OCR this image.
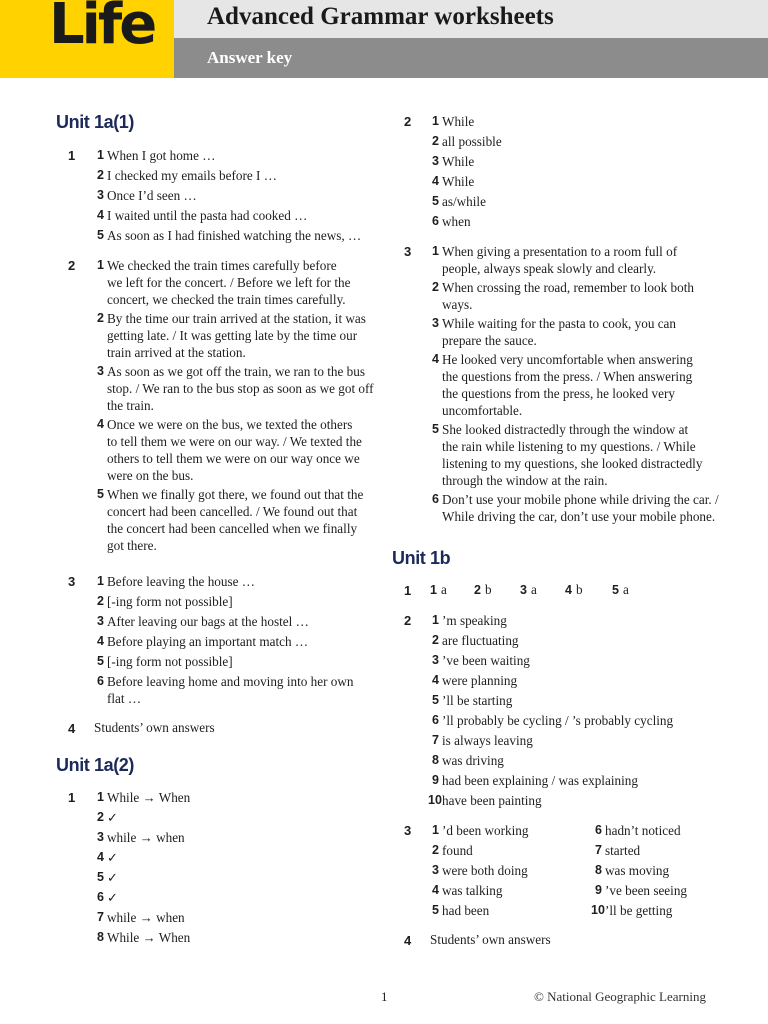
Life Advanced Grammar worksheets
Answer key
Unit 1a(1)
1	1 When I got home …
2 I checked my emails before I …
3 Once I’d seen …
4 I waited until the pasta had cooked …
5 As soon as I had finished watching the news, …
2	1 We checked the train times carefully before
we left for the concert. / Before we left for the
concert, we checked the train times carefully.
2 By the time our train arrived at the station, it was
getting late. / It was getting late by the time our
train arrived at the station.
3 As soon as we got off the train, we ran to the bus
stop. / We ran to the bus stop as soon as we got off
the train.
4 Once we were on the bus, we texted the others
to tell them we were on our way. / We texted the
others to tell them we were on our way once we
were on the bus.
5 When we finally got there, we found out that the
concert had been cancelled. / We found out that
the concert had been cancelled when we finally
got there.
3	1 Before leaving the house …
2 [-ing form not possible]
3 After leaving our bags at the hostel …
4 Before playing an important match …
5 [-ing form not possible]
6 Before leaving home and moving into her own
flat …
4 Students’ own answers
Unit 1a(2)
1	1 While → When
2 ✓
3 while → when
4 ✓
5 ✓
6 ✓
7 while → when
8 While → When
2	1 While
2 all possible
3 While
4 While
5 as/while
6 when
3	1 When giving a presentation to a room full of
people, always speak slowly and clearly.
2 When crossing the road, remember to look both
ways.
3 While waiting for the pasta to cook, you can
prepare the sauce.
4 He looked very uncomfortable when answering
the questions from the press. / When answering
the questions from the press, he looked very
uncomfortable.
5 She looked distractedly through the window at
the rain while listening to my questions. / While
listening to my questions, she looked distractedly
through the window at the rain.
6 Don’t use your mobile phone while driving the car. /
While driving the car, don’t use your mobile phone.
Unit 1b
1 1 a 2 b 3 a 4 b 5 a
2	1 ’m speaking
2 are fluctuating
3 ’ve been waiting
4 were planning
5 ’ll be starting
6 ’ll probably be cycling / ’s probably cycling
7 is always leaving
8 was driving
9 had been explaining / was explaining
10 have been painting
3	1 ’d been working
2 found
3 were both doing
4 was talking
5 had been
6 hadn’t noticed
7 started
8 was moving
9 ’ve been seeing
10 ’ll be getting
4 Students’ own answers
1	© National Geographic Learning
